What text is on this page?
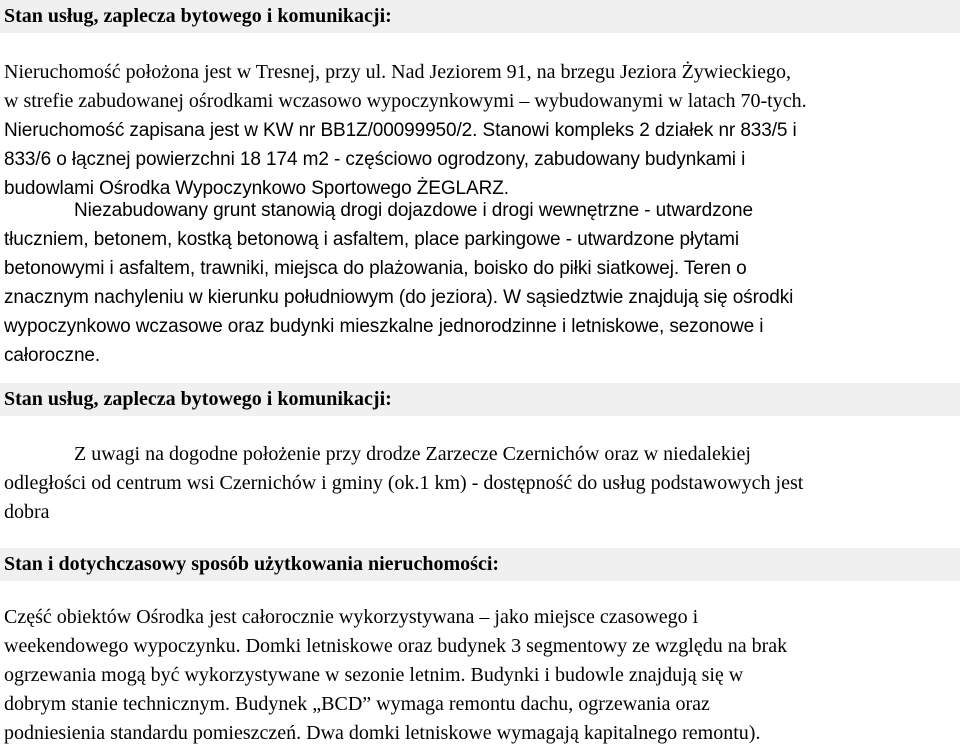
Stan usług, zaplecza bytowego i komunikacji:
Nieruchomość położona jest w Tresnej, przy ul. Nad Jeziorem 91, na brzegu Jeziora Żywieckiego,
w strefie zabudowanej ośrodkami wczasowo wypoczynkowymi – wybudowanymi w latach 70-tych.
Nieruchomość zapisana jest w KW nr BB1Z/00099950/2. Stanowi kompleks 2 działek nr 833/5 i
833/6 o łącznej powierzchni 18 174 m2 - częściowo ogrodzony, zabudowany budynkami i
budowlami Ośrodka Wypoczynkowo Sportowego ŻEGLARZ.
Niezabudowany grunt stanowią drogi dojazdowe i drogi wewnętrzne - utwardzone
tłuczniem, betonem, kostką betonową i asfaltem, place parkingowe - utwardzone płytami
betonowymi i asfaltem, trawniki, miejsca do plażowania, boisko do piłki siatkowej. Teren o
znacznym nachyleniu w kierunku południowym (do jeziora). W sąsiedztwie znajdują się ośrodki
wypoczynkowo wczasowe oraz budynki mieszkalne jednorodzinne i letniskowe, sezonowe i
całoroczne.
Stan usług, zaplecza bytowego i komunikacji:
Z uwagi na dogodne położenie przy drodze Zarzecze Czernichów oraz w niedalekiej
odległości od centrum wsi Czernichów i gminy (ok.1 km) - dostępność do usług podstawowych jest
dobra
Stan i dotychczasowy sposób użytkowania nieruchomości:
Część obiektów Ośrodka jest całorocznie wykorzystywana – jako miejsce czasowego i
weekendowego wypoczynku. Domki letniskowe oraz budynek 3 segmentowy ze względu na brak
ogrzewania mogą być wykorzystywane w sezonie letnim. Budynki i budowle znajdują się w
dobrym stanie technicznym. Budynek „BCD” wymaga remontu dachu, ogrzewania oraz
podniesienia standardu pomieszczeń. Dwa domki letniskowe wymagają kapitalnego remontu).
